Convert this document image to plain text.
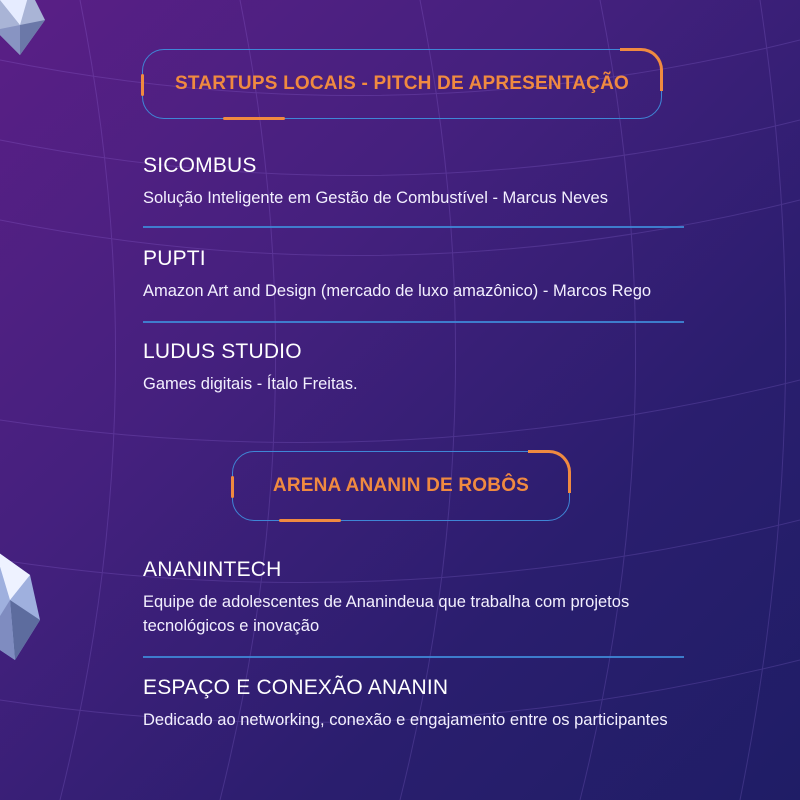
STARTUPS LOCAIS - PITCH DE APRESENTAÇÃO
SICOMBUS
Solução Inteligente em Gestão de Combustível - Marcus Neves
PUPTI
Amazon Art and Design (mercado de luxo amazônico) - Marcos Rego
LUDUS STUDIO
Games digitais - Ítalo Freitas.
ARENA ANANIN DE ROBÔS
ANANINTECH
Equipe de adolescentes de Ananindeua que trabalha com projetos
tecnológicos e inovação
ESPAÇO E CONEXÃO ANANIN
Dedicado ao networking, conexão e engajamento entre os participantes
